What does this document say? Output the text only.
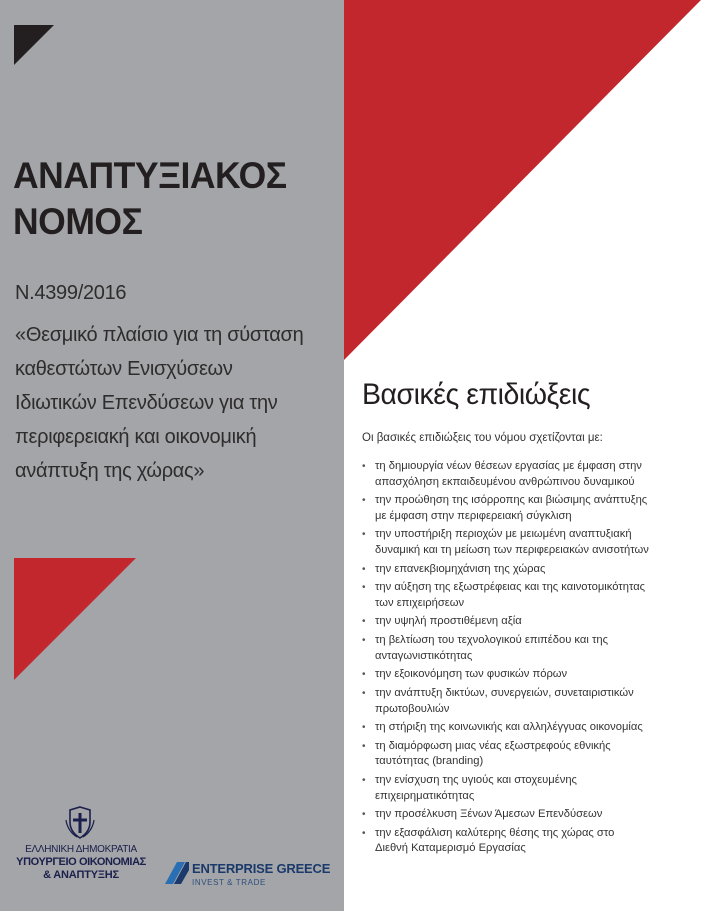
ΑΝΑΠΤΥΞΙΑΚΟΣ
ΝΟΜΟΣ

Ν.4399/2016

«Θεσμικό πλαίσιο για τη σύσταση
καθεστώτων Ενισχύσεων
Ιδιωτικών Επενδύσεων για την
περιφερειακή και οικονομική
ανάπτυξη της χώρας»

ΕΛΛΗΝΙΚΗ ΔΗΜΟΚΡΑΤΙΑ
ΥΠΟΥΡΓΕΙΟ ΟΙΚΟΝΟΜΙΑΣ
& ΑΝΑΠΤΥΞΗΣ	ENTERPRISE GREECE
INVEST & TRADE
Βασικές επιδιώξεις

Οι βασικές επιδιώξεις του νόμου σχετίζονται με:

• τη δημιουργία νέων θέσεων εργασίας με έμφαση στην
απασχόληση εκπαιδευμένου ανθρώπινου δυναμικού
• την προώθηση της ισόρροπης και βιώσιμης ανάπτυξης
με έμφαση στην περιφερειακή σύγκλιση
• την υποστήριξη περιοχών με μειωμένη αναπτυξιακή
δυναμική και τη μείωση των περιφερειακών ανισοτήτων
• την επανεκβιομηχάνιση της χώρας
• την αύξηση της εξωστρέφειας και της καινοτομικότητας
των επιχειρήσεων
• την υψηλή προστιθέμενη αξία
• τη βελτίωση του τεχνολογικού επιπέδου και της
ανταγωνιστικότητας
• την εξοικονόμηση των φυσικών πόρων
• την ανάπτυξη δικτύων, συνεργειών, συνεταιριστικών
πρωτοβουλιών
• τη στήριξη της κοινωνικής και αλληλέγγυας οικονομίας
• τη διαμόρφωση μιας νέας εξωστρεφούς εθνικής
ταυτότητας (branding)
• την ενίσχυση της υγιούς και στοχευμένης
επιχειρηματικότητας
• την προσέλκυση Ξένων Άμεσων Επενδύσεων
• την εξασφάλιση καλύτερης θέσης της χώρας στο
Διεθνή Καταμερισμό Εργασίας
